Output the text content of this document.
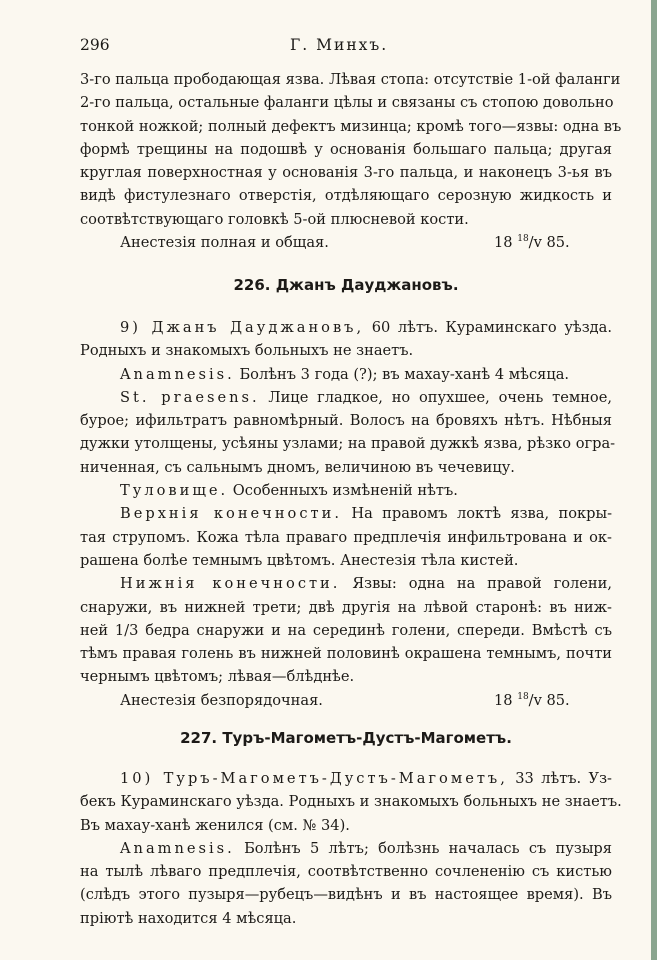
296	Г. Минхъ.
3-го пальца прободающая язва. Лѣвая стопа: отсутствіе 1-ой фаланги
2-го пальца, остальные фаланги цѣлы и связаны съ стопою довольно
тонкой ножкой; полный дефектъ мизинца; кромѣ того—язвы: одна въ
формѣ трещины на подошвѣ у основанія большаго пальца; другая
круглая поверхностная у основанія 3-го пальца, и наконецъ 3-ья въ
видѣ фистулезнаго отверстія, отдѣляющаго серозную жидкость и
соотвѣтствующаго головкѣ 5-ой плюсневой кости.
Анестезія полная и общая.	18 $^{18}$/v 85.
226. Джанъ Дауджановъ.
9) Джанъ Дауджановъ, 60 лѣтъ. Кураминскаго уѣзда.
Родныхъ и знакомыхъ больныхъ не знаетъ.
Anamnesis. Болѣнъ 3 года (?); въ махау-ханѣ 4 мѣсяца.
St. praesens. Лице гладкое, но опухшее, очень темное,
бурое; ифильтратъ равномѣрный. Волосъ на бровяхъ нѣтъ. Нѣбныя
дужки утолщены, усѣяны узлами; на правой дужкѣ язва, рѣзко огра-
ниченная, съ сальнымъ дномъ, величиною въ чечевицу.
Туловище. Особенныхъ измѣненій нѣтъ.
Верхнія конечности. На правомъ локтѣ язва, покры-
тая струпомъ. Кожа тѣла праваго предплечія инфильтрована и ок-
рашена болѣе темнымъ цвѣтомъ. Анестезія тѣла кистей.
Нижнія конечности. Язвы: одна на правой голени,
снаружи, въ нижней трети; двѣ другія на лѣвой старонѣ: въ ниж-
ней 1/3 бедра снаружи и на серединѣ голени, спереди. Вмѣстѣ съ
тѣмъ правая голень въ нижней половинѣ окрашена темнымъ, почти
чернымъ цвѣтомъ; лѣвая—блѣднѣе.
Анестезія безпорядочная.	18 $^{18}$/v 85.
227. Туръ-Магометъ-Дустъ-Магометъ.
10) Туръ-Магометъ-Дустъ-Магометъ, 33 лѣтъ. Уз-
бекъ Кураминскаго уѣзда. Родныхъ и знакомыхъ больныхъ не знаетъ.
Въ махау-ханѣ женился (см. № 34).
Anamnesis. Болѣнъ 5 лѣтъ; болѣзнь началась съ пузыря
на тылѣ лѣваго предплечія, соотвѣтственно сочлененію съ кистью
(слѣдъ этого пузыря—рубецъ—видѣнъ и въ настоящее время). Въ
пріютѣ находится 4 мѣсяца.
